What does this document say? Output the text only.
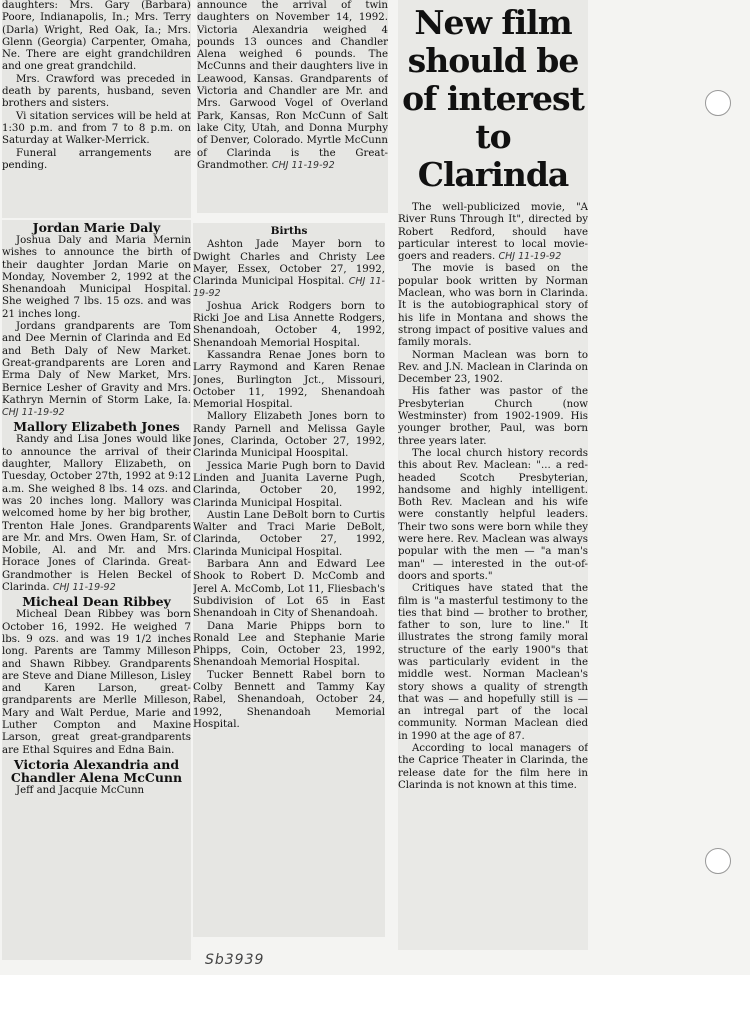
daughters: Mrs. Gary (Barbara) Poore, Indianapolis, In.; Mrs. Terry (Darla) Wright, Red Oak, Ia.; Mrs. Glenn (Georgia) Carpenter, Omaha, Ne. There are eight grandchildren and one great grandchild.

Mrs. Crawford was preceded in death by parents, husband, seven brothers and sisters.

Vi sitation services will be held at 1:30 p.m. and from 7 to 8 p.m. on Saturday at Walker-Merrick.

Funeral arrangements are pending.

Jordan Marie Daly

Joshua Daly and Maria Mernin wishes to announce the birth of their daughter Jordan Marie on Monday, November 2, 1992 at the Shenandoah Municipal Hospital. She weighed 7 lbs. 15 ozs. and was 21 inches long.

Jordans grandparents are Tom and Dee Mernin of Clarinda and Ed and Beth Daly of New Market. Great-grandparents are Loren and Erma Daly of New Market, Mrs. Bernice Lesher of Gravity and Mrs. Kathryn Mernin of Storm Lake, Ia. CHJ 11-19-92

Mallory Elizabeth Jones

Randy and Lisa Jones would like to announce the arrival of their daughter, Mallory Elizabeth, on Tuesday, October 27th, 1992 at 9:12 a.m. She weighed 8 lbs. 14 ozs. and was 20 inches long. Mallory was welcomed home by her big brother, Trenton Hale Jones. Grandparents are Mr. and Mrs. Owen Ham, Sr. of Mobile, Al. and Mr. and Mrs. Horace Jones of Clarinda. Great-Grandmother is Helen Beckel of Clarinda. CHJ 11-19-92

Micheal Dean Ribbey

Micheal Dean Ribbey was born October 16, 1992. He weighed 7 lbs. 9 ozs. and was 19 1/2 inches long. Parents are Tammy Milleson and Shawn Ribbey. Grandparents are Steve and Diane Milleson, Lisley and Karen Larson, great-grandparents are Merlle Milleson, Mary and Walt Perdue, Marie and Luther Compton and Maxine Larson, great great-grandparents are Ethal Squires and Edna Bain.

Victoria Alexandria and Chandler Alena McCunn

Jeff and Jacquie McCunn

announce the arrival of twin daughters on November 14, 1992. Victoria Alexandria weighed 4 pounds 13 ounces and Chandler Alena weighed 6 pounds. The McCunns and their daughters live in Leawood, Kansas. Grandparents of Victoria and Chandler are Mr. and Mrs. Garwood Vogel of Overland Park, Kansas, Ron McCunn of Salt lake City, Utah, and Donna Murphy of Denver, Colorado. Myrtle McCunn of Clarinda is the Great-Grandmother. CHJ 11-19-92

Births

Ashton Jade Mayer born to Dwight Charles and Christy Lee Mayer, Essex, October 27, 1992, Clarinda Municipal Hospital. CHJ 11-19-92

Joshua Arick Rodgers born to Ricki Joe and Lisa Annette Rodgers, Shenandoah, October 4, 1992, Shenandoah Memorial Hospital.

Kassandra Renae Jones born to Larry Raymond and Karen Renae Jones, Burlington Jct., Missouri, October 11, 1992, Shenandoah Memorial Hospital.

Mallory Elizabeth Jones born to Randy Parnell and Melissa Gayle Jones, Clarinda, October 27, 1992, Clarinda Municipal Hoospital.

Jessica Marie Pugh born to David Linden and Juanita Laverne Pugh, Clarinda, October 20, 1992, Clarinda Municipal Hospital.

Austin Lane DeBolt born to Curtis Walter and Traci Marie DeBolt, Clarinda, October 27, 1992, Clarinda Municipal Hospital.

Barbara Ann and Edward Lee Shook to Robert D. McComb and Jerel A. McComb, Lot 11, Fliesbach's Subdivision of Lot 65 in East Shenandoah in City of Shenandoah.

Dana Marie Phipps born to Ronald Lee and Stephanie Marie Phipps, Coin, October 23, 1992, Shenandoah Memorial Hospital.

Tucker Bennett Rabel born to Colby Bennett and Tammy Kay Rabel, Shenandoah, October 24, 1992, Shenandoah Memorial Hospital.

New film should be of interest to Clarinda

The well-publicized movie, "A River Runs Through It", directed by Robert Redford, should have particular interest to local movie-goers and readers. CHJ 11-19-92

The movie is based on the popular book written by Norman Maclean, who was born in Clarinda. It is the autobiographical story of his life in Montana and shows the strong impact of positive values and family morals.

Norman Maclean was born to Rev. and J.N. Maclean in Clarinda on December 23, 1902.

His father was pastor of the Presbyterian Church (now Westminster) from 1902-1909. His younger brother, Paul, was born three years later.

The local church history records this about Rev. Maclean: "... a red-headed Scotch Presbyterian, handsome and highly intelligent. Both Rev. Maclean and his wife were constantly helpful leaders. Their two sons were born while they were here. Rev. Maclean was always popular with the men — "a man's man" — interested in the out-of-doors and sports."

Critiques have stated that the film is "a masterful testimony to the ties that bind — brother to brother, father to son, lure to line." It illustrates the strong family moral structure of the early 1900"s that was particularly evident in the middle west. Norman Maclean's story shows a quality of strength that was — and hopefully still is — an intregal part of the local community. Norman Maclean died in 1990 at the age of 87.

According to local managers of the Caprice Theater in Clarinda, the release date for the film here in Clarinda is not known at this time.

Sb3939
